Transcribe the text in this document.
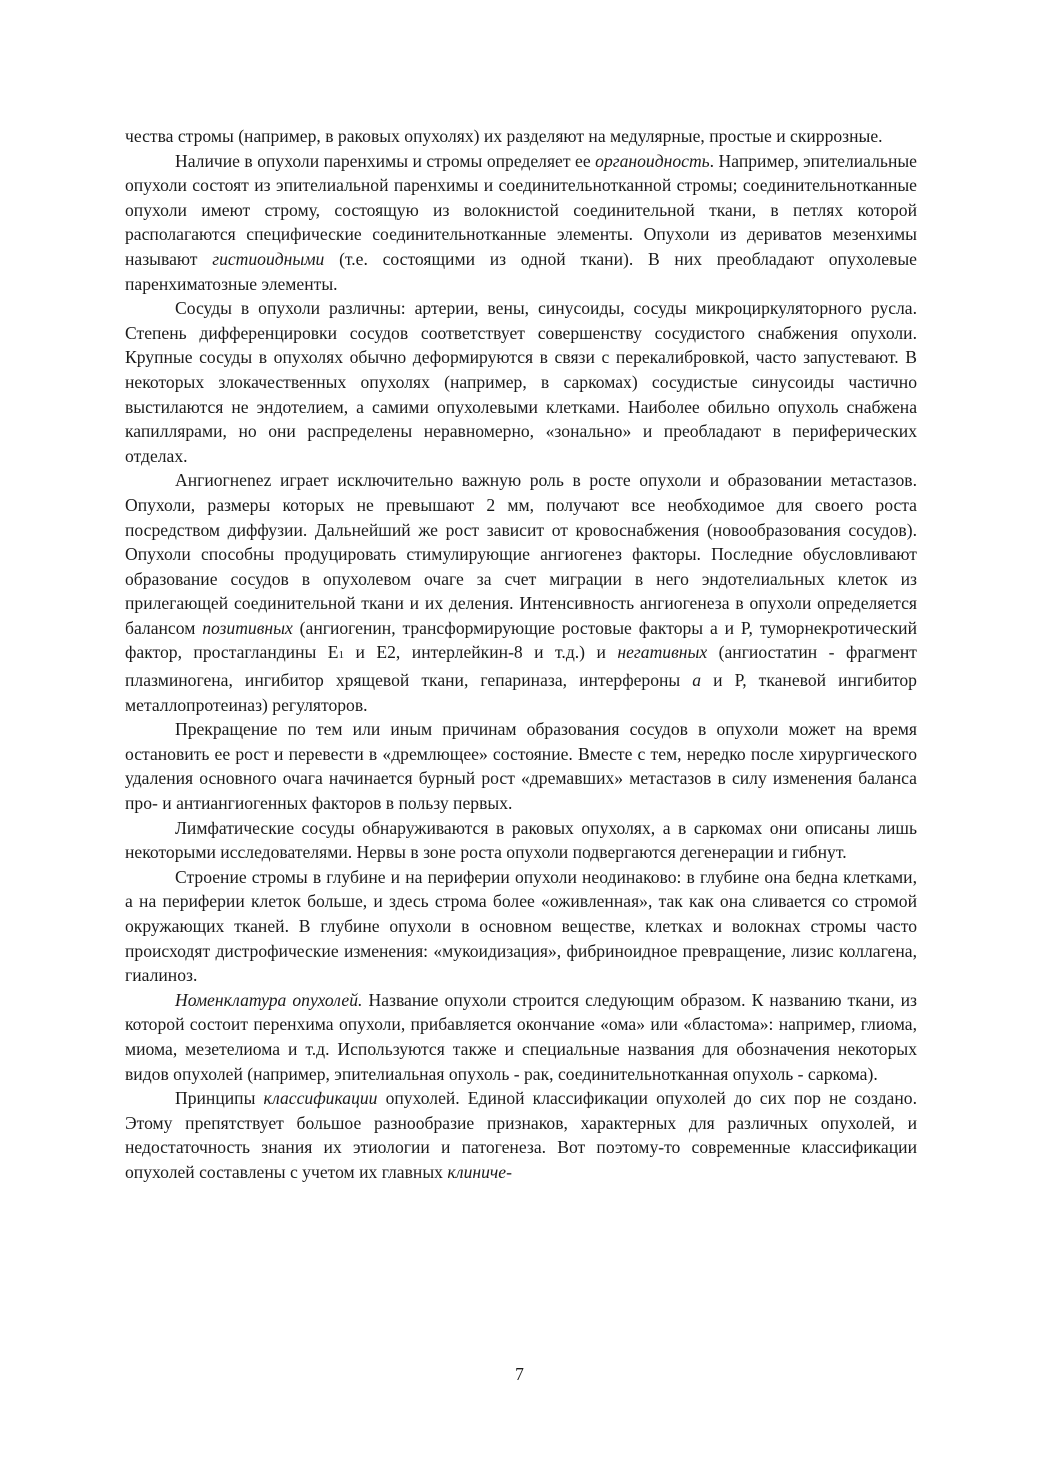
чества стромы (например, в раковых опухолях) их разделяют на медулярные, простые и скиррозные.

Наличие в опухоли паренхимы и стромы определяет ее органоидность. Например, эпителиальные опухоли состоят из эпителиальной паренхимы и соединительнотканной стромы; соединительнотканные опухоли имеют строму, состоящую из волокнистой соединительной ткани, в петлях которой располагаются специфические соединительнотканные элементы. Опухоли из дериватов мезенхимы называют гистиоидными (т.е. состоящими из одной ткани). В них преобладают опухолевые паренхиматозные элементы.

Сосуды в опухоли различны: артерии, вены, синусоиды, сосуды микроциркуляторного русла. Степень дифференцировки сосудов соответствует совершенству сосудистого снабжения опухоли. Крупные сосуды в опухолях обычно деформируются в связи с перекалибровкой, часто запустевают. В некоторых злокачественных опухолях (например, в саркомах) сосудистые синусоиды частично выстилаются не эндотелием, а самими опухолевыми клетками. Наиболее обильно опухоль снабжена капиллярами, но они распределены неравномерно, «зонально» и преобладают в периферических отделах.

Ангиогнenez играет исключительно важную роль в росте опухоли и образовании метастазов. Опухоли, размеры которых не превышают 2 мм, получают все необходимое для своего роста посредством диффузии. Дальнейший же рост зависит от кровоснабжения (новообразования сосудов). Опухоли способны продуцировать стимулирующие ангиогенез факторы. Последние обусловливают образование сосудов в опухолевом очаге за счет миграции в него эндотелиальных клеток из прилегающей соединительной ткани и их деления. Интенсивность ангиогенеза в опухоли определяется балансом позитивных (ангиогенин, трансформирующие ростовые факторы а и Р, туморнекротический фактор, простагландины Е1 и Е2, интерлейкин-8 и т.д.) и негативных (ангиостатин - фрагмент плазминогена, ингибитор хрящевой ткани, гепариназа, интерфероны а и Р, тканевой ингибитор металлопротеиназ) регуляторов.

Прекращение по тем или иным причинам образования сосудов в опухоли может на время остановить ее рост и перевести в «дремлющее» состояние. Вместе с тем, нередко после хирургического удаления основного очага начинается бурный рост «дремавших» метастазов в силу изменения баланса про- и антиангиогенных факторов в пользу первых.

Лимфатические сосуды обнаруживаются в раковых опухолях, а в саркомах они описаны лишь некоторыми исследователями. Нервы в зоне роста опухоли подвергаются дегенерации и гибнут.

Строение стромы в глубине и на периферии опухоли неодинаково: в глубине она бедна клетками, а на периферии клеток больше, и здесь строма более «оживленная», так как она сливается со стромой окружающих тканей. В глубине опухоли в основном веществе, клетках и волокнах стромы часто происходят дистрофические изменения: «мукоидизация», фибриноидное превращение, лизис коллагена, гиалиноз.

Номенклатура опухолей. Название опухоли строится следующим образом. К названию ткани, из которой состоит перенхима опухоли, прибавляется окончание «ома» или «бластома»: например, глиома, миома, мезетелиома и т.д. Используются также и специальные названия для обозначения некоторых видов опухолей (например, эпителиальная опухоль - рак, соединительнотканная опухоль - саркома).

Принципы классификации опухолей. Единой классификации опухолей до сих пор не создано. Этому препятствует большое разнообразие признаков, характерных для различных опухолей, и недостаточность знания их этиологии и патогенеза. Вот поэтому-то современные классификации опухолей составлены с учетом их главных клиниче-

7
